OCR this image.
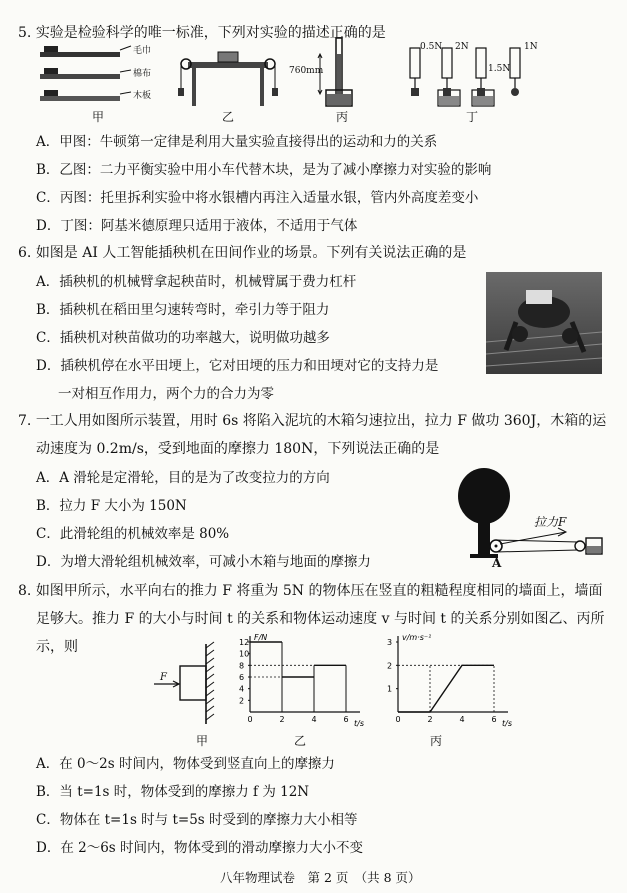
5. 实验是检验科学的唯一标准，下列对实验的描述正确的是
毛巾
棉布
木板
甲	乙
760mm
丙
0.5N 2N
1.5N
1N
丁
A．甲图：牛顿第一定律是利用大量实验直接得出的运动和力的关系
B．乙图：二力平衡实验中用小车代替木块，是为了减小摩擦力对实验的影响
C．丙图：托里拆利实验中将水银槽内再注入适量水银，管内外高度差变小
D．丁图：阿基米德原理只适用于液体，不适用于气体
6. 如图是 AI 人工智能插秧机在田间作业的场景。下列有关说法正确的是
A．插秧机的机械臂拿起秧苗时，机械臂属于费力杠杆
B．插秧机在稻田里匀速转弯时，牵引力等于阻力
C．插秧机对秧苗做功的功率越大，说明做功越多
D．插秧机停在水平田埂上，它对田埂的压力和田埂对它的支持力是
一对相互作用力，两个力的合力为零
7. 一工人用如图所示装置，用时 6s 将陷入泥坑的木箱匀速拉出，拉力 F 做功 360J，木箱的运
动速度为 0.2m/s，受到地面的摩擦力 180N，下列说法正确的是
A．A 滑轮是定滑轮，目的是为了改变拉力的方向
B．拉力 F 大小为 150N
C．此滑轮组的机械效率是 80%
D．为增大滑轮组机械效率，可减小木箱与地面的摩擦力
拉力F
A
8. 如图甲所示，水平向右的推力 F 将重为 5N 的物体压在竖直的粗糙程度相同的墙面上，墙面
足够大。推力 F 的大小与时间 t 的关系和物体运动速度 v 与时间 t 的关系分别如图乙、丙所
示，则
F
甲
t/s
F/N
0	2	4	6
2
4
6
8
10
12
乙
t/s
v/m·s⁻¹
0	2	4	6
1
2
3
丙
A．在 0～2s 时间内，物体受到竖直向上的摩擦力
B．当 t=1s 时，物体受到的摩擦力 f 为 12N
C．物体在 t=1s 时与 t=5s 时受到的摩擦力大小相等
D．在 2～6s 时间内，物体受到的滑动摩擦力大小不变
八年物理试卷　第 2 页　（共 8 页）
